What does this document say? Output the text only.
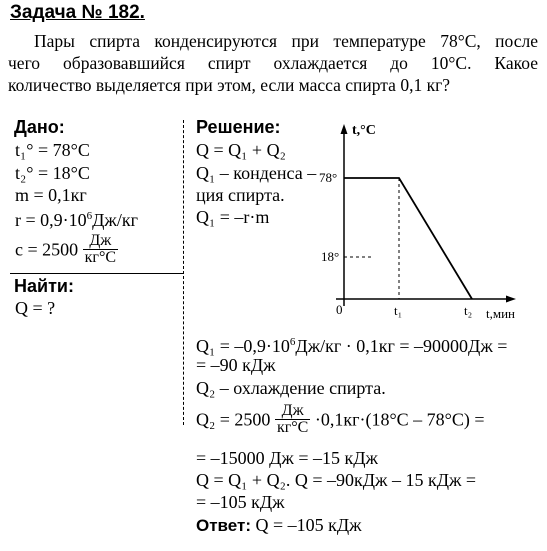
Задача № 182.
Пары спирта конденсируются при температуре 78°С, после
чего образовавшийся спирт охлаждается до 10°С. Какое
количество выделяется при этом, если масса спирта 0,1 кг?
Дано:
t₁° = 78°С
t₂° = 18°С
m = 0,1кг
$r = 0,9\cdot 10^6Дж/кг$
$с = 2500 \frac{Дж}{кг^\circ С}$
Найти:
Q = ?
Решение:
Q = Q₁ + Q₂
Q₁ – конденса –
ция спирта.
Q₁ = –r·m
$Q_1 = -0,9\cdot 10^6Дж/кг \cdot 0,1кг = -90000Дж$ =
= –90 кДж
Q₂ – охлаждение спирта.
$Q_2 = 2500 \frac{Дж}{кг^\circ С} \cdot 0,1кг\cdot(18^\circ С - 78^\circ С)$ =
= –15000 Дж = –15 кДж
Q = Q₁ + Q₂. Q = –90кДж – 15 кДж =
= –105 кДж
Ответ: Q = –105 кДж
t,°С
78°
18°
0	t₁	t₂ t,мин
